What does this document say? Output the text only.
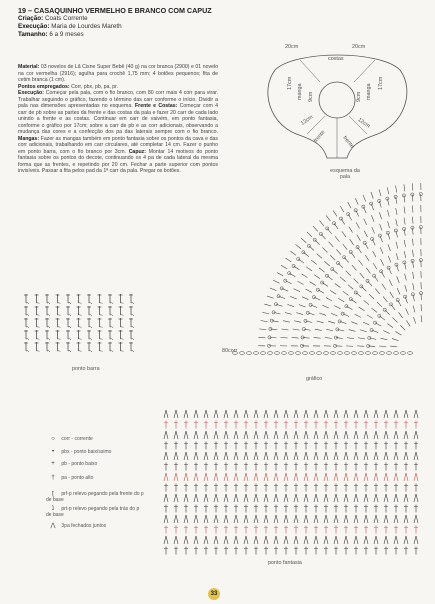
19 – CASAQUINHO VERMELHO E BRANCO COM CAPUZ
Criação: Coats Corrente
Execução: Maria de Lourdes Mareth
Tamanho: 6 a 9 meses
Material: 03 novelos de Lã Cisne Super Bebê (40 g) na cor branca (2900) e 01 novelo na cor vermelha (2916); agulha para crochê 1,75 mm; 4 botões pequenos; fita de cetim branca (1 cm).
Pontos empregados: Corr, pbx, pb, pa, pr.
Execução: Começar pela pala, com o fio branco, com 80 corr mais 4 corr para virar. Trabalhar seguindo o gráfico, fazendo o término das carr conforme o início. Dividir a pala nas dimensões apresentadas no esquema. Frente e Costas: Começar com 4 carr de pb sobre as partes da frente e das costas da pala e fazer 20 carr de cada lado unindo a frente e as costas. Continuar em carr de vaivém, em ponto fantasia, conforme o gráfico por 17cm; sobre a carr de pb e as corr adicionais, observando a mudança das cores e a confecção dos pa das laterais sempre com o fio branco. Mangas: Fazer as mangas também em ponto fantasia sobre os pontos da cava e das corr adicionais, trabalhando em carr circulares, até completar 14 cm. Fazer o punho em ponto barra, com o fio branco por 3cm. Capuz: Montar 14 motivos do ponto fantasia sobre os pontos do decote, continuando os 4 pa de cada lateral da mesma forma que as frentes, e repetindo por 20 cm. Fechar a parte superior com pontos invisíveis. Passar a fita pelos pad da 1ª carr da pala. Pregar os botões.
20cm	20cm
costas
17cm	17cm
manga	manga
9cm	9cm
frente	frente
12cm	12cm
esquema da pala
80corr
gráfico
ponto barra
○ corr - corrente
• pbx - ponto baixíssimo
+ pb - ponto baixo
† pa - ponto alto
ʈ prf-p relevo pegando pela frente do p de base
ʇ prt-p relevo pegando pela trás do p de base
⋀ 3pa fechados juntos
ponto fantasia
33
